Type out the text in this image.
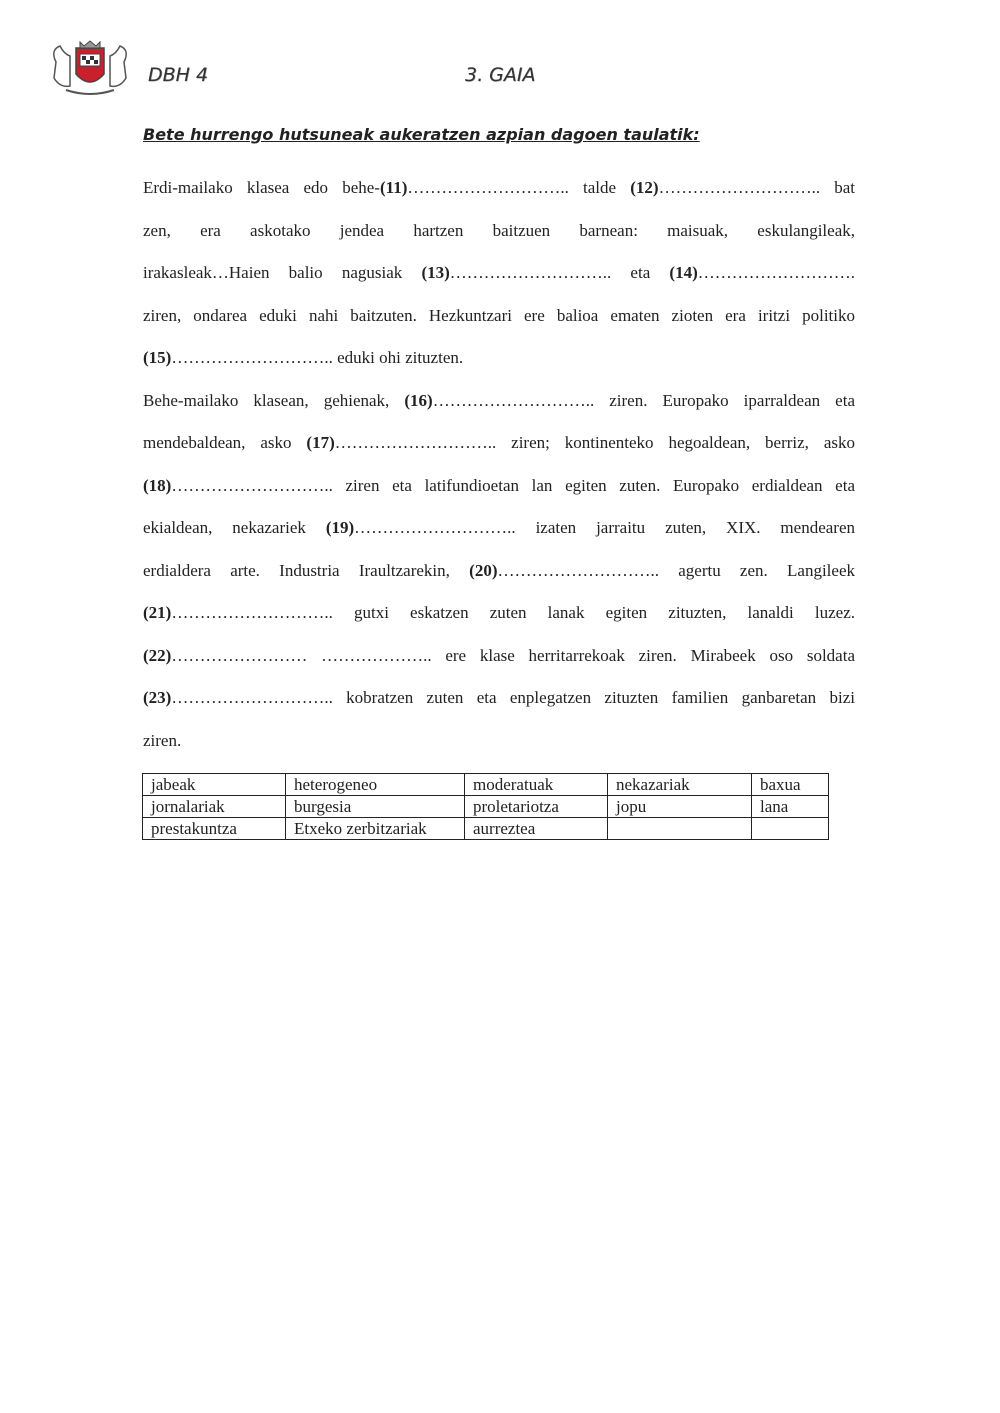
DBH 4	3. GAIA
Bete hurrengo hutsuneak aukeratzen azpian dagoen taulatik:
Erdi-mailako klasea edo behe-(11)……………………….. talde (12)……………………….. bat
zen, era askotako jendea hartzen baitzuen barnean: maisuak, eskulangileak,
irakasleak…Haien balio nagusiak (13)……………………….. eta (14)……………………….
ziren, ondarea eduki nahi baitzuten. Hezkuntzari ere balioa ematen zioten era iritzi politiko
(15)……………………….. eduki ohi zituzten.
Behe-mailako klasean, gehienak, (16)……………………….. ziren. Europako iparraldean eta
mendebaldean, asko (17)……………………….. ziren; kontinenteko hegoaldean, berriz, asko
(18)……………………….. ziren eta latifundioetan lan egiten zuten. Europako erdialdean eta
ekialdean, nekazariek (19)……………………….. izaten jarraitu zuten, XIX. mendearen
erdialdera arte. Industria Iraultzarekin, (20)……………………….. agertu zen. Langileek
(21)……………………….. gutxi eskatzen zuten lanak egiten zituzten, lanaldi luzez.
(22)…………………… ……………….. ere klase herritarrekoak ziren. Mirabeek oso soldata
(23)……………………….. kobratzen zuten eta enplegatzen zituzten familien ganbaretan bizi
ziren.
jabeak	heterogeneo	moderatuak	nekazariak	baxua
jornalariak	burgesia	proletariotza	jopu	lana
prestakuntza	Etxeko zerbitzariak	aurreztea		
